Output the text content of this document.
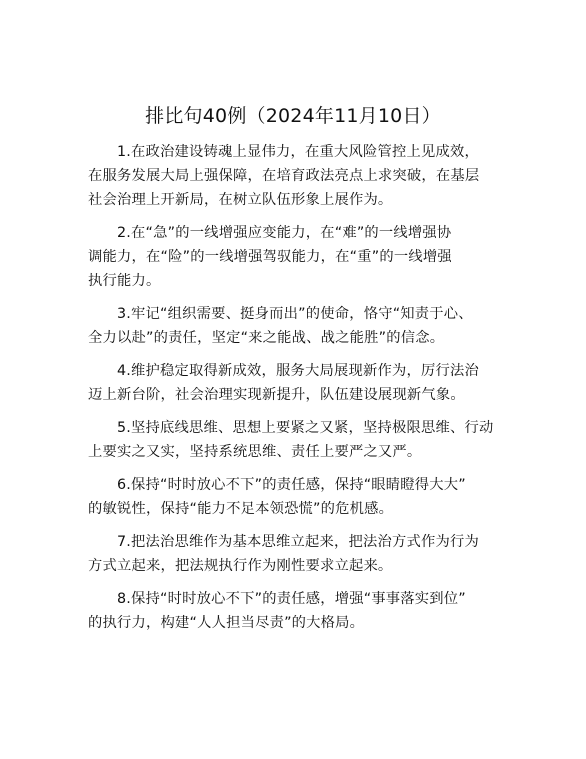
排比句40例（2024年11月10日）

1.在政治建设铸魂上显伟力，在重大风险管控上见成效，
在服务发展大局上强保障，在培育政法亮点上求突破，在基层
社会治理上开新局，在树立队伍形象上展作为。

2.在“急”的一线增强应变能力，在“难”的一线增强协
调能力，在“险”的一线增强驾驭能力，在“重”的一线增强
执行能力。

3.牢记“组织需要、挺身而出”的使命，恪守“知责于心、
全力以赴”的责任，坚定“来之能战、战之能胜”的信念。

4.维护稳定取得新成效，服务大局展现新作为，厉行法治
迈上新台阶，社会治理实现新提升，队伍建设展现新气象。

5.坚持底线思维、思想上要紧之又紧，坚持极限思维、行动
上要实之又实，坚持系统思维、责任上要严之又严。

6.保持“时时放心不下”的责任感，保持“眼睛瞪得大大”
的敏锐性，保持“能力不足本领恐慌”的危机感。

7.把法治思维作为基本思维立起来，把法治方式作为行为
方式立起来，把法规执行作为刚性要求立起来。

8.保持“时时放心不下”的责任感，增强“事事落实到位”
的执行力，构建“人人担当尽责”的大格局。
